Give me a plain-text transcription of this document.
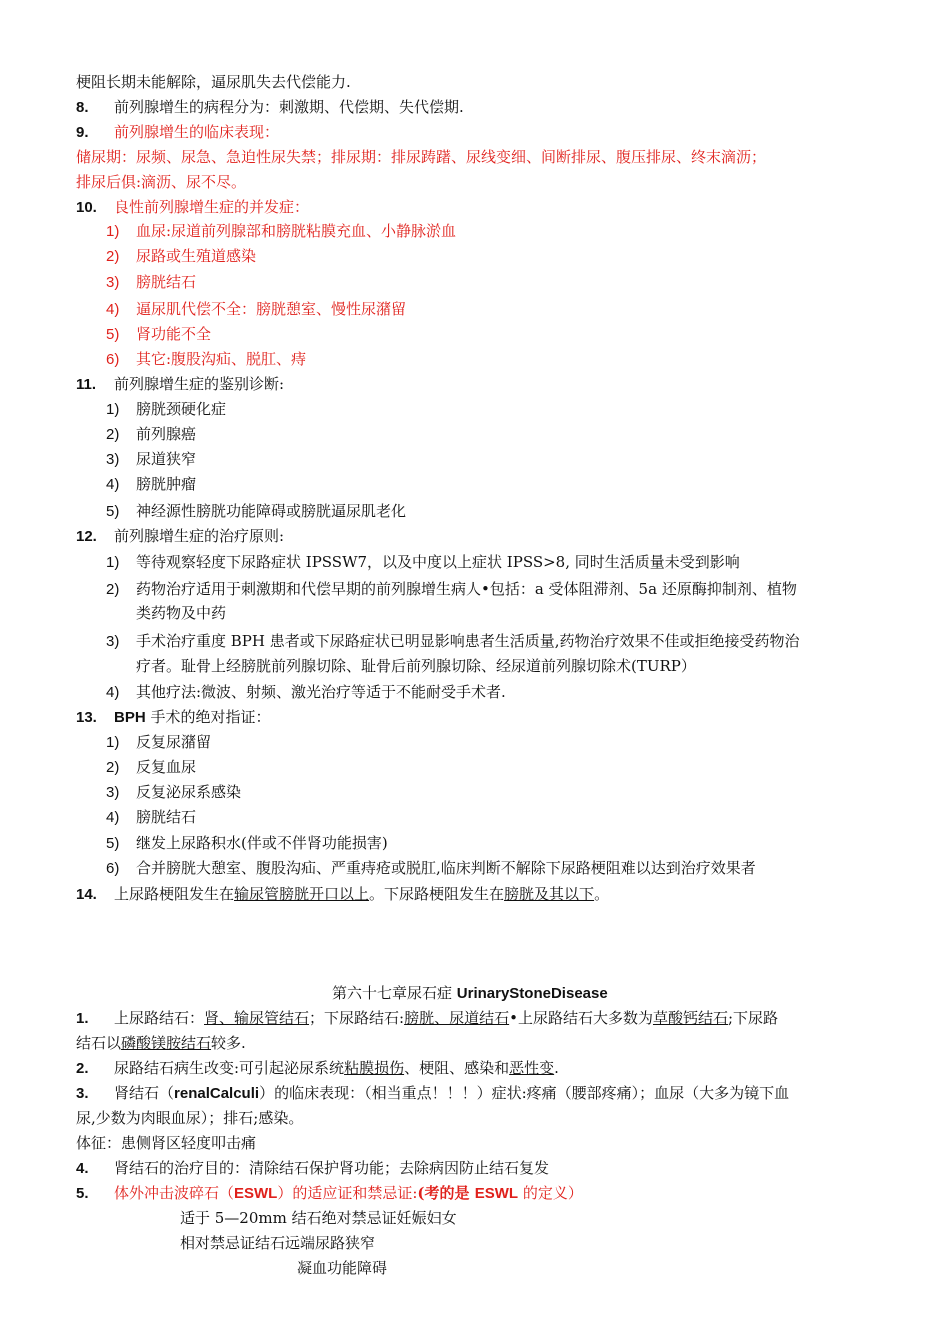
梗阻长期未能解除，逼尿肌失去代偿能力.
8. 前列腺增生的病程分为：刺激期、代偿期、失代偿期.
9. 前列腺增生的临床表现：
储尿期：尿频、尿急、急迫性尿失禁；排尿期：排尿踌躇、尿线变细、间断排尿、腹压排尿、终末滴沥；
排尿后俱:滴沥、尿不尽。
10. 良性前列腺增生症的并发症：
1) 血尿:尿道前列腺部和膀胱粘膜充血、小静脉淤血
2) 尿路或生殖道感染
3) 膀胱结石
4) 逼尿肌代偿不全：膀胱憩室、慢性尿潴留
5) 肾功能不全
6) 其它:腹股沟疝、脱肛、痔
11. 前列腺增生症的鉴别诊断:
1) 膀胱颈硬化症
2) 前列腺癌
3) 尿道狭窄
4) 膀胱肿瘤
5) 神经源性膀胱功能障碍或膀胱逼尿肌老化
12. 前列腺增生症的治疗原则:
1) 等待观察轻度下尿路症状 IPSSW7，以及中度以上症状 IPSS>8, 同时生活质量未受到影响
2) 药物治疗适用于刺激期和代偿早期的前列腺增生病人•包括：a 受体阻滞剂、5a 还原酶抑制剂、植物
类药物及中药
3) 手术治疗重度 BPH 患者或下尿路症状已明显影响患者生活质量,药物治疗效果不佳或拒绝接受药物治
疗者。耻骨上经膀胱前列腺切除、耻骨后前列腺切除、经尿道前列腺切除术(TURP）
4) 其他疗法:微波、射频、激光治疗等适于不能耐受手术者.
13. BPH 手术的绝对指证：
1) 反复尿潴留
2) 反复血尿
3) 反复泌尿系感染
4) 膀胱结石
5) 继发上尿路积水(伴或不伴肾功能损害)
6) 合并膀胱大憩室、腹股沟疝、严重痔疮或脱肛,临床判断不解除下尿路梗阻难以达到治疗效果者
14. 上尿路梗阻发生在输尿管膀胱开口以上。下尿路梗阻发生在膀胱及其以下。
第六十七章尿石症 UrinaryStoneDisease
1. 上尿路结石：肾、输尿管结石；下尿路结石:膀胱、尿道结石•上尿路结石大多数为草酸钙结石;下尿路
结石以磷酸镁胺结石较多.
2. 尿路结石病生改变:可引起泌尿系统粘膜损伤、梗阻、感染和恶性变.
3. 肾结石（renalCalculi）的临床表现：（相当重点！！！）症状:疼痛（腰部疼痛）；血尿（大多为镜下血
尿,少数为肉眼血尿）；排石;感染。
体征：患侧肾区轻度叩击痛
4. 肾结石的治疗目的：清除结石保护肾功能；去除病因防止结石复发
5. 体外冲击波碎石（ESWL）的适应证和禁忌证:(考的是 ESWL 的定义）
适于 5—20mm 结石绝对禁忌证妊娠妇女
相对禁忌证结石远端尿路狭窄
凝血功能障碍
